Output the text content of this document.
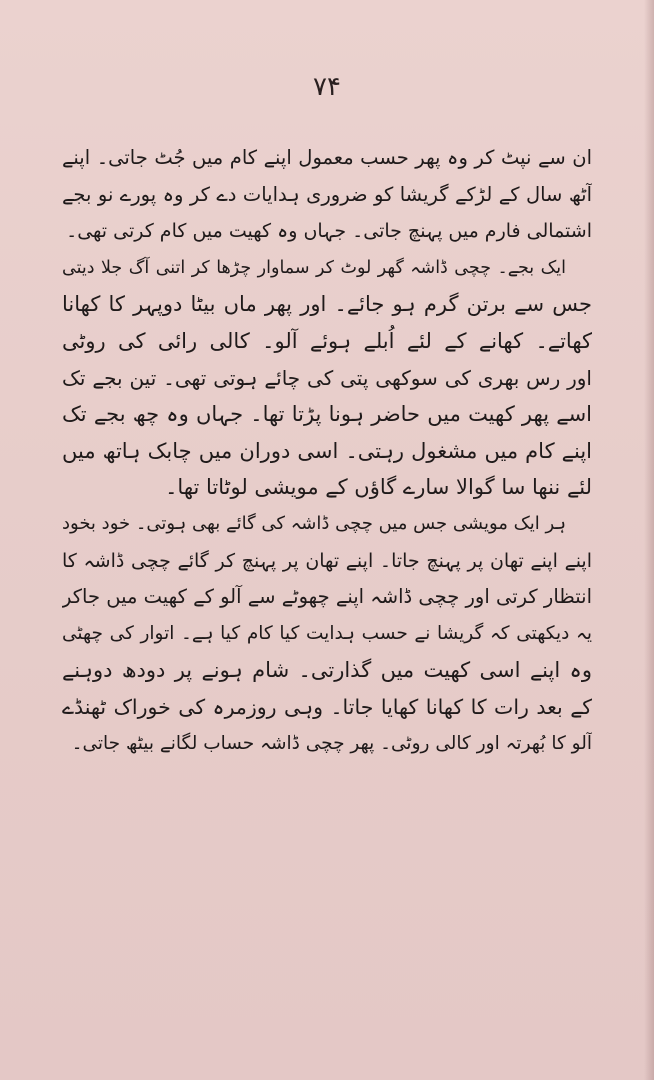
۷۴
ان سے نپٹ کر وہ پھر حسب معمول اپنے کام میں جُٹ جاتی۔ اپنے
آٹھ سال کے لڑکے گریشا کو ضروری ہدایات دے کر وہ پورے نو بجے
اشتمالی فارم میں پہنچ جاتی۔ جہاں وہ کھیت میں کام کرتی تھی۔
ایک بجے۔ چچی ڈاشہ گھر لوٹ کر سماوار چڑھا کر اتنی آگ جلا دیتی
جس سے برتن گرم ہو جائے۔ اور پھر ماں بیٹا دوپہر کا کھانا
کھاتے۔ کھانے کے لئے اُبلے ہوئے آلو۔ کالی رائی کی روٹی
اور رس بھری کی سوکھی پتی کی چائے ہوتی تھی۔ تین بجے تک
اسے پھر کھیت میں حاضر ہونا پڑتا تھا۔ جہاں وہ چھ بجے تک
اپنے کام میں مشغول رہتی۔ اسی دوران میں چابک ہاتھ میں
لئے ننھا سا گوالا سارے گاؤں کے مویشی لوٹاتا تھا۔
ہر ایک مویشی جس میں چچی ڈاشہ کی گائے بھی ہوتی۔ خود بخود
اپنے اپنے تھان پر پہنچ جاتا۔ اپنے تھان پر پہنچ کر گائے چچی ڈاشہ کا
انتظار کرتی اور چچی ڈاشہ اپنے چھوٹے سے آلو کے کھیت میں جاکر
یہ دیکھتی کہ گریشا نے حسب ہدایت کیا کام کیا ہے۔ اتوار کی چھٹی
وہ اپنے اسی کھیت میں گذارتی۔ شام ہونے پر دودھ دوہنے
کے بعد رات کا کھانا کھایا جاتا۔ وہی روزمرہ کی خوراک ٹھنڈے
آلو کا بُھرتہ اور کالی روٹی۔ پھر چچی ڈاشہ حساب لگانے بیٹھ جاتی۔
